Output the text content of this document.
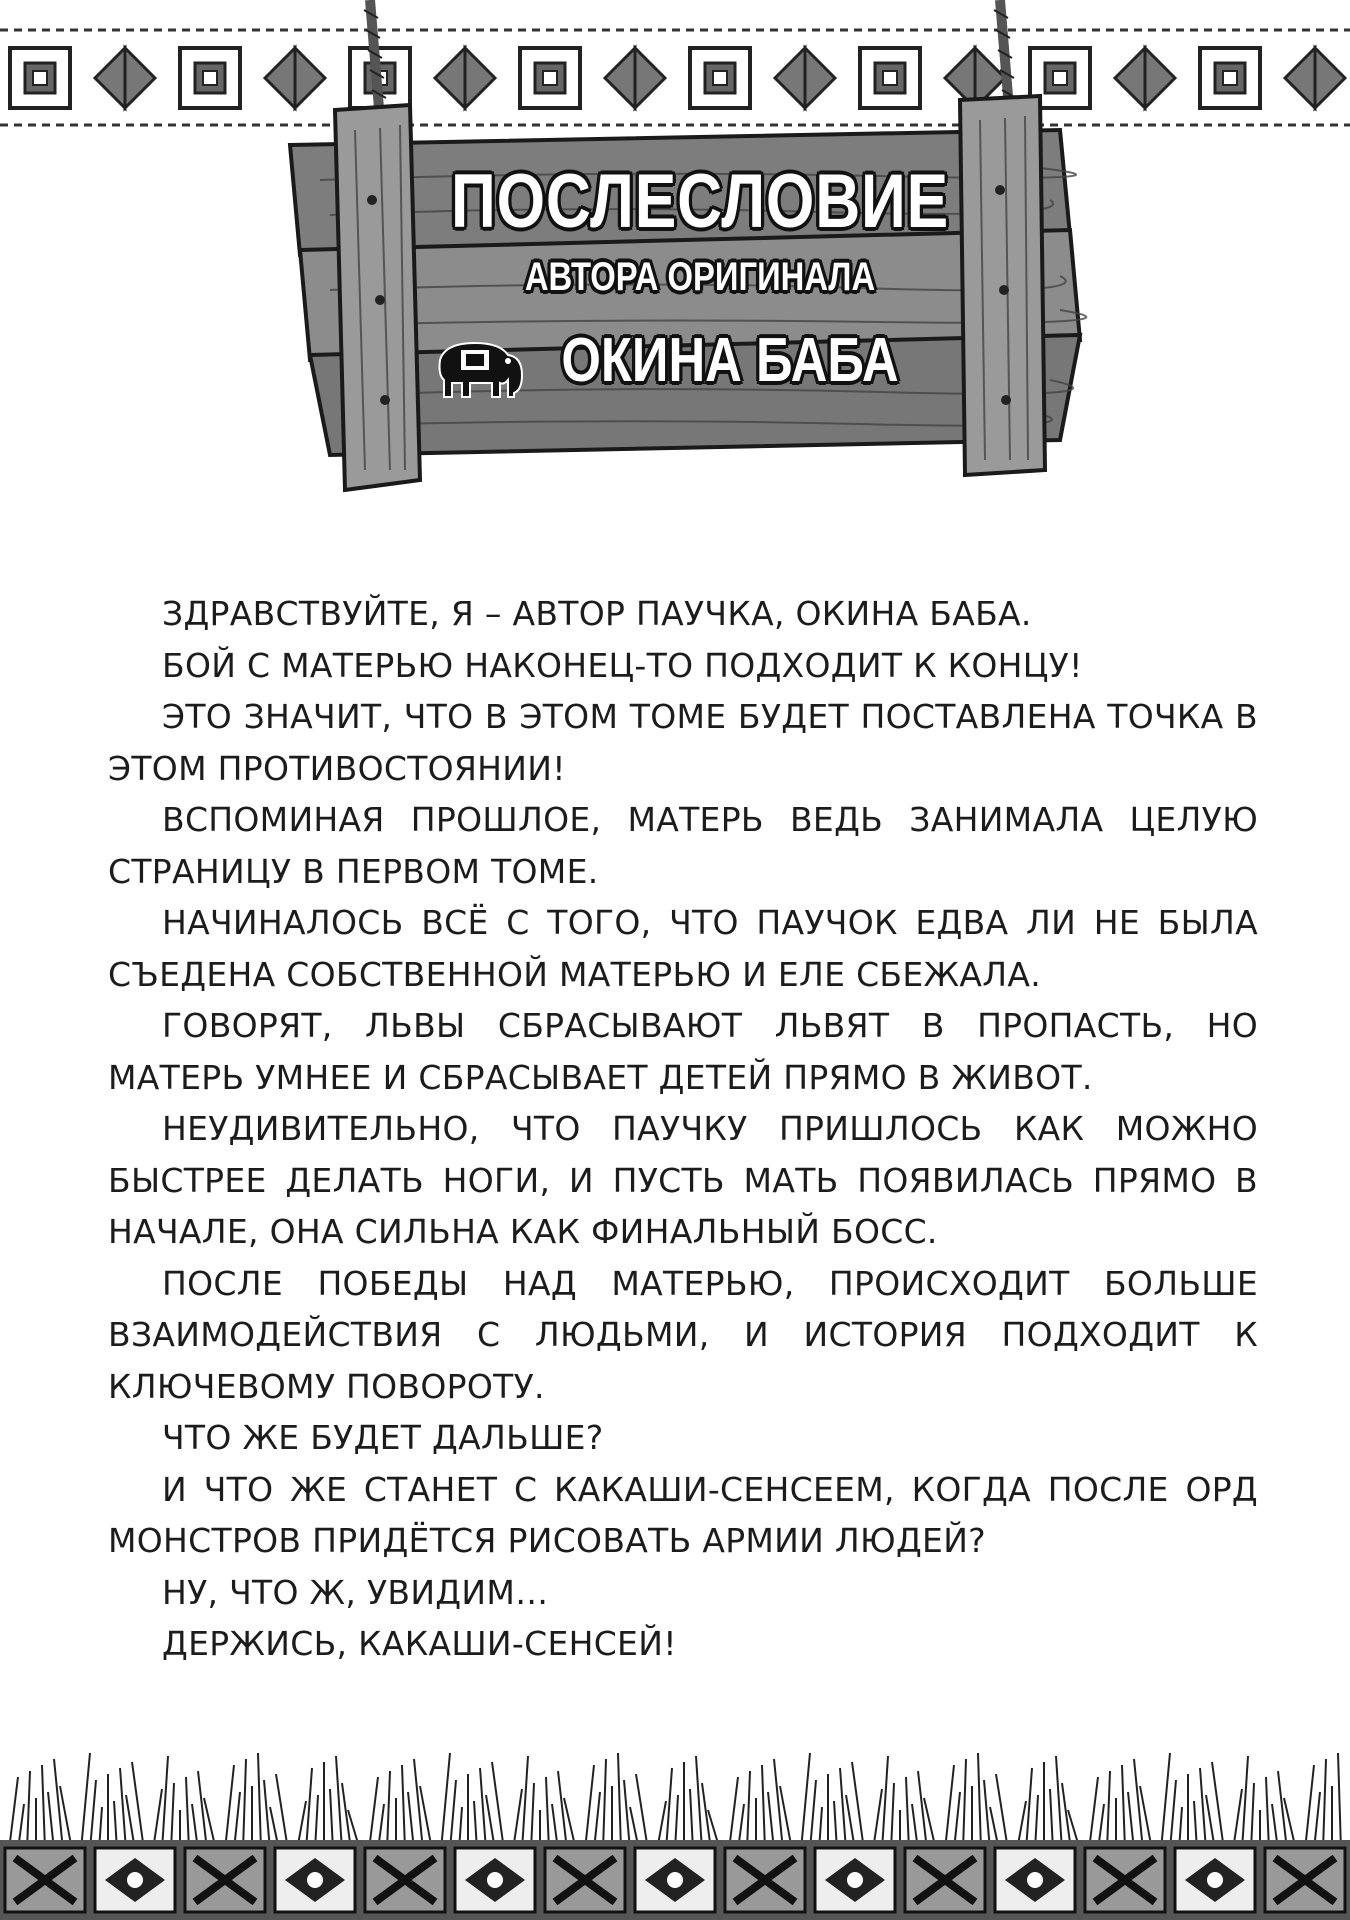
ПОСЛЕСЛОВИЕ
АВТОРА ОРИГИНАЛА
ОКИНА БАБА

ЗДРАВСТВУЙТЕ, Я – АВТОР ПАУЧКА, ОКИНА БАБА.

БОЙ С МАТЕРЬЮ НАКОНЕЦ-ТО ПОДХОДИТ К КОНЦУ!

ЭТО ЗНАЧИТ, ЧТО В ЭТОМ ТОМЕ БУДЕТ ПОСТАВЛЕНА ТОЧКА В ЭТОМ ПРОТИВОСТОЯНИИ!

ВСПОМИНАЯ ПРОШЛОЕ, МАТЕРЬ ВЕДЬ ЗАНИМАЛА ЦЕЛУЮ СТРАНИЦУ В ПЕРВОМ ТОМЕ.

НАЧИНАЛОСЬ ВСЁ С ТОГО, ЧТО ПАУЧОК ЕДВА ЛИ НЕ БЫЛА СЪЕДЕНА СОБСТВЕННОЙ МАТЕРЬЮ И ЕЛЕ СБЕЖАЛА.

ГОВОРЯТ, ЛЬВЫ СБРАСЫВАЮТ ЛЬВЯТ В ПРОПАСТЬ, НО МАТЕРЬ УМНЕЕ И СБРАСЫВАЕТ ДЕТЕЙ ПРЯМО В ЖИВОТ.

НЕУДИВИТЕЛЬНО, ЧТО ПАУЧКУ ПРИШЛОСЬ КАК МОЖНО БЫСТРЕЕ ДЕЛАТЬ НОГИ, И ПУСТЬ МАТЬ ПОЯВИЛАСЬ ПРЯМО В НАЧАЛЕ, ОНА СИЛЬНА КАК ФИНАЛЬНЫЙ БОСС.

ПОСЛЕ ПОБЕДЫ НАД МАТЕРЬЮ, ПРОИСХОДИТ БОЛЬШЕ ВЗАИМОДЕЙСТВИЯ С ЛЮДЬМИ, И ИСТОРИЯ ПОДХОДИТ К КЛЮЧЕВОМУ ПОВОРОТУ.

ЧТО ЖЕ БУДЕТ ДАЛЬШЕ?

И ЧТО ЖЕ СТАНЕТ С КАКАШИ-СЕНСЕЕМ, КОГДА ПОСЛЕ ОРД МОНСТРОВ ПРИДЁТСЯ РИСОВАТЬ АРМИИ ЛЮДЕЙ?

НУ, ЧТО Ж, УВИДИМ…

ДЕРЖИСЬ, КАКАШИ-СЕНСЕЙ!
